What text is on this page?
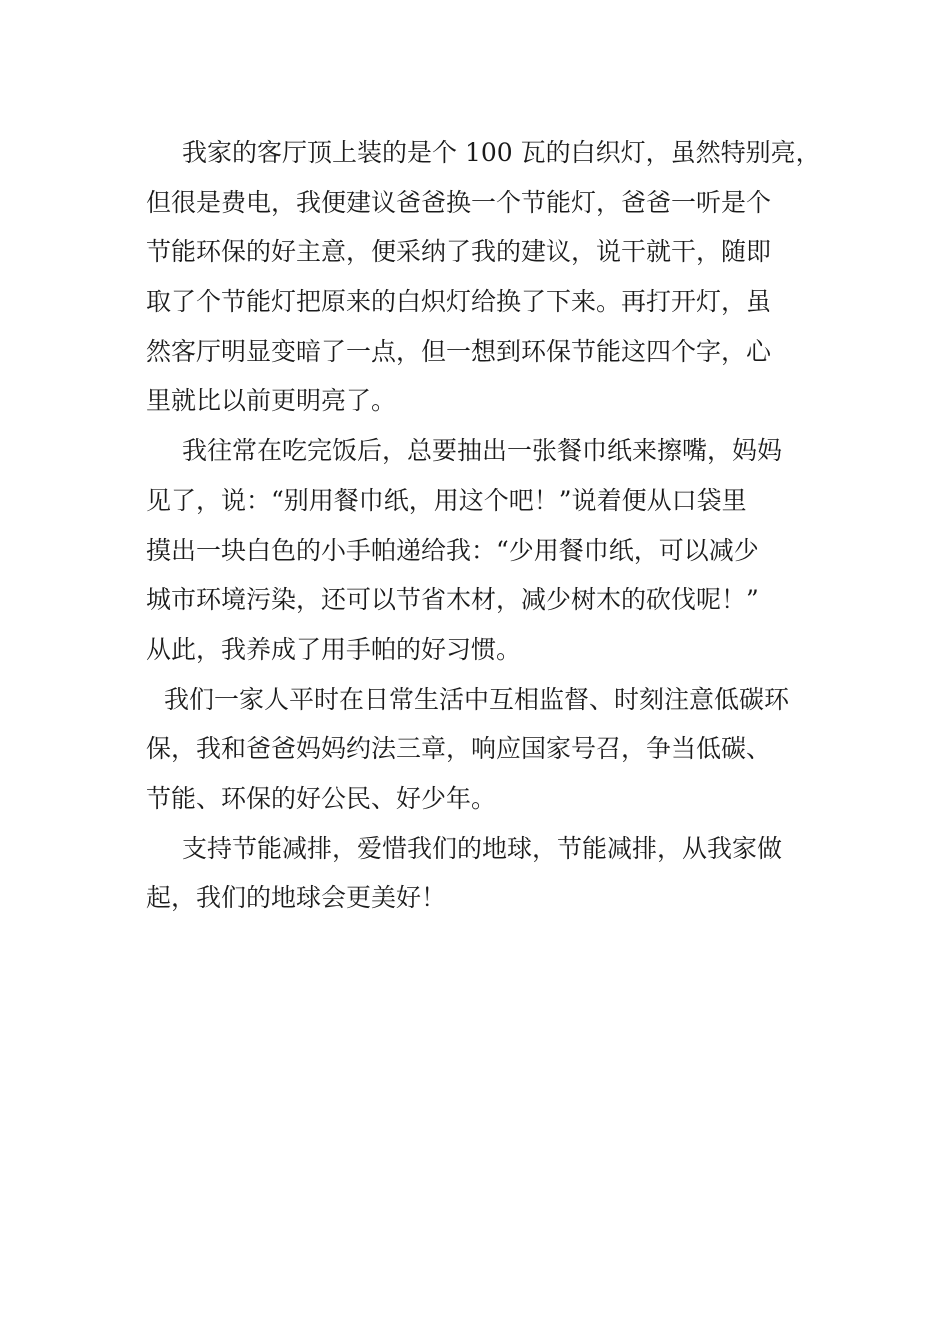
我家的客厅顶上装的是个 100 瓦的白织灯，虽然特别亮，
但很是费电，我便建议爸爸换一个节能灯，爸爸一听是个
节能环保的好主意，便采纳了我的建议，说干就干，随即
取了个节能灯把原来的白炽灯给换了下来。再打开灯，虽
然客厅明显变暗了一点，但一想到环保节能这四个字，心
里就比以前更明亮了。
我往常在吃完饭后，总要抽出一张餐巾纸来擦嘴，妈妈
见了，说：“别用餐巾纸，用这个吧！”说着便从口袋里
摸出一块白色的小手帕递给我：“少用餐巾纸，可以减少
城市环境污染，还可以节省木材，减少树木的砍伐呢！”
从此，我养成了用手帕的好习惯。
我们一家人平时在日常生活中互相监督、时刻注意低碳环
保，我和爸爸妈妈约法三章，响应国家号召，争当低碳、
节能、环保的好公民、好少年。
支持节能减排，爱惜我们的地球，节能减排，从我家做
起，我们的地球会更美好！
